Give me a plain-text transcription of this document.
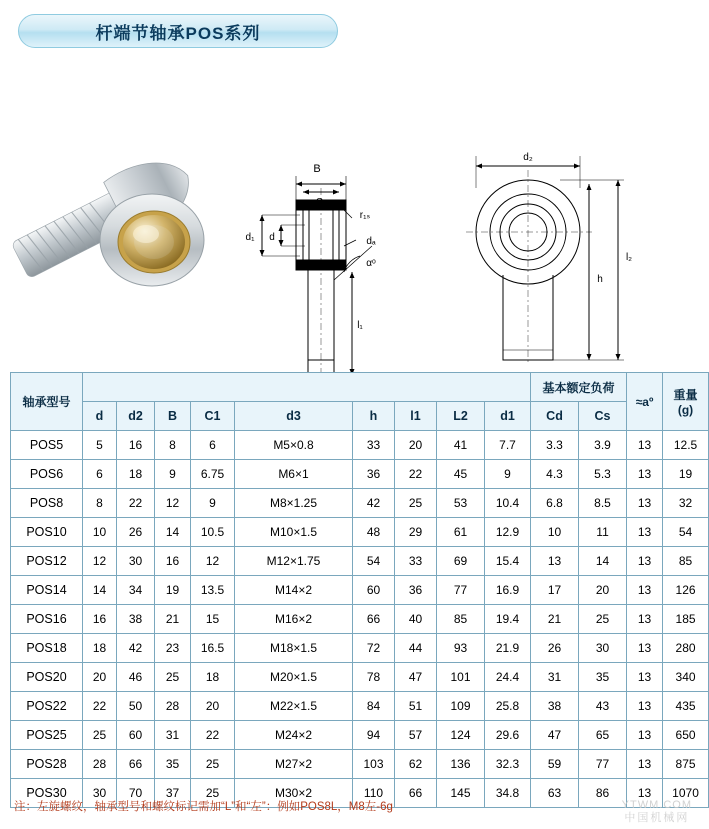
杆端节轴承POS系列
B
C₁
d₁ d
r₁ₛ
dₐ
αᵒ
l₁
d₂
h
l₂
轴承型号										基本额定负荷		≈aº	重量
(g)

	d	d2	B	C1	d3	h	l1	L2	d1	Cd	Cs		
POS5	5	16	8	6	M5×0.8	33	20	41	7.7	3.3	3.9	13	12.5
POS6	6	18	9	6.75	M6×1	36	22	45	9	4.3	5.3	13	19
POS8	8	22	12	9	M8×1.25	42	25	53	10.4	6.8	8.5	13	32
POS10	10	26	14	10.5	M10×1.5	48	29	61	12.9	10	11	13	54
POS12	12	30	16	12	M12×1.75	54	33	69	15.4	13	14	13	85
POS14	14	34	19	13.5	M14×2	60	36	77	16.9	17	20	13	126
POS16	16	38	21	15	M16×2	66	40	85	19.4	21	25	13	185
POS18	18	42	23	16.5	M18×1.5	72	44	93	21.9	26	30	13	280
POS20	20	46	25	18	M20×1.5	78	47	101	24.4	31	35	13	340
POS22	22	50	28	20	M22×1.5	84	51	109	25.8	38	43	13	435
POS25	25	60	31	22	M24×2	94	57	124	29.6	47	65	13	650
POS28	28	66	35	25	M27×2	103	62	136	32.3	59	77	13	875
POS30	30	70	37	25	M30×2	110	66	145	34.8	63	86	13	1070
注：左旋螺纹，轴承型号和螺纹标记需加“L”和“左”：例如POS8L，M8左-6g	YTWM.COM
中国机械网
